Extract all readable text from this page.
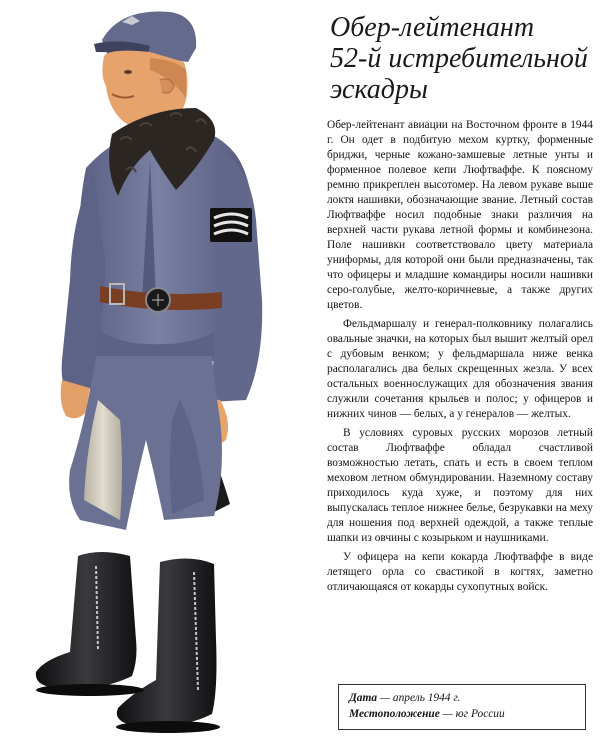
Обер-лейтенант
52-й истребительной
эскадры

Обер-лейтенант авиации на Восточном фронте в 1944 г. Он одет в подбитую мехом куртку, форменные бриджи, черные кожано-замшевые летные унты и форменное полевое кепи Люфтваффе. К поясному ремню прикреплен высотомер. На левом рукаве выше локтя нашивки, обозначающие звание. Летный состав Люфтваффе носил подобные знаки различия на верхней части рукава летной формы и комбинезона. Поле нашивки соответствовало цвету материала униформы, для которой они были предназначены, так что офицеры и младшие командиры носили нашивки серо-голубые, желто-коричневые, а также других цветов.

Фельдмаршалу и генерал-полковнику полагались овальные значки, на которых был вышит желтый орел с дубовым венком; у фельдмаршала ниже венка располагались два белых скрещенных жезла. У всех остальных военнослужащих для обозначения звания служили сочетания крыльев и полос; у офицеров и нижних чинов — белых, а у генералов — желтых.

В условиях суровых русских морозов летный состав Люфтваффе обладал счастливой возможностью летать, спать и есть в своем теплом меховом летном обмундировании. Наземному составу приходилось куда хуже, и поэтому для них выпускалась теплое нижнее белье, безрукавки на меху для ношения под верхней одеждой, а также теплые шапки из овчины с козырьком и наушниками.

У офицера на кепи кокарда Люфтваффе в виде летящего орла со свастикой в когтях, заметно отличающаяся от кокарды сухопутных войск.

Дата — апрель 1944 г.
Местоположение — юг России
